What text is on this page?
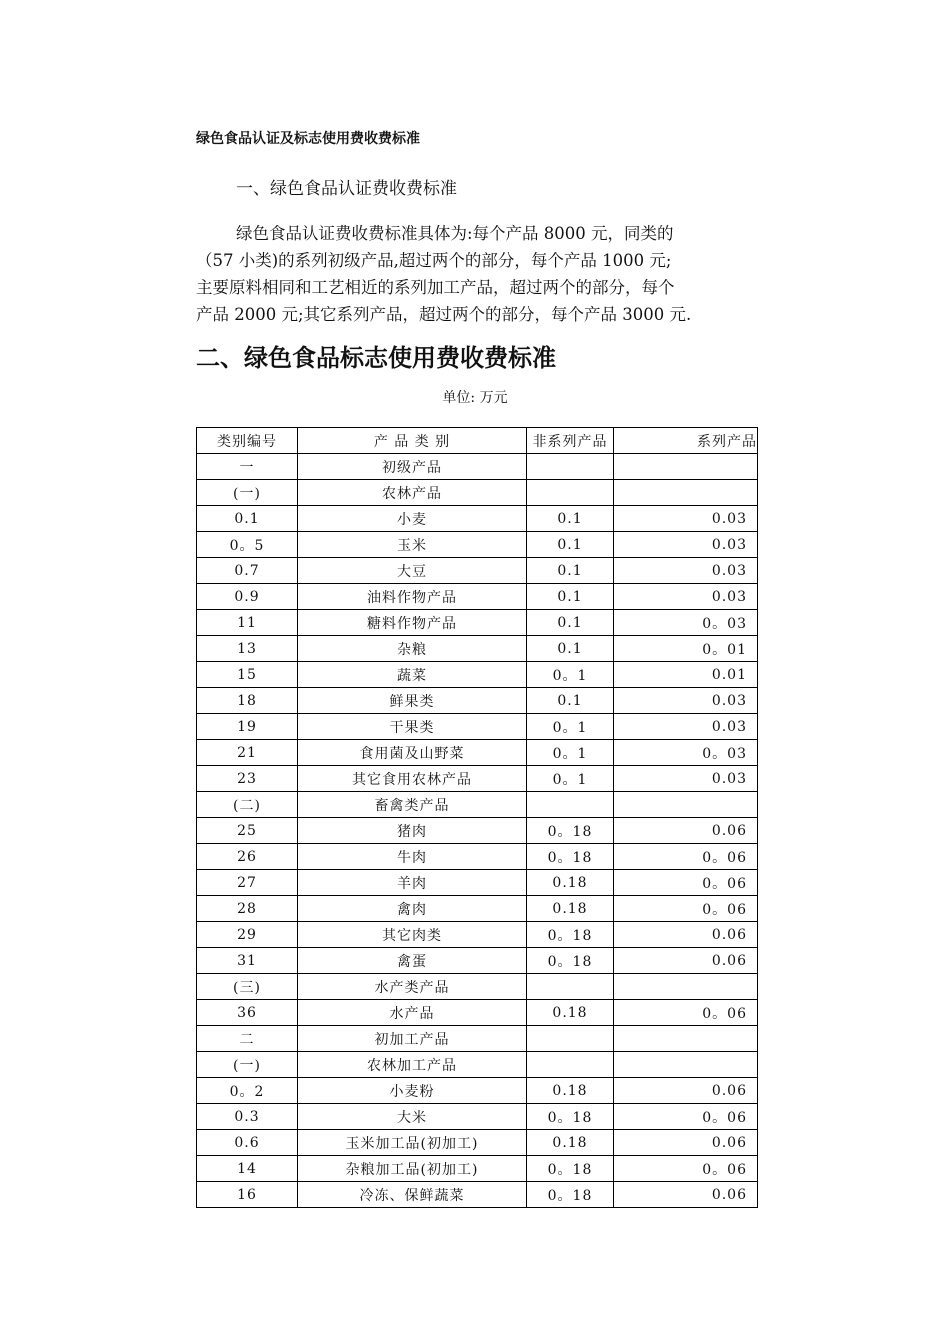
绿色食品认证及标志使用费收费标准
一、绿色食品认证费收费标准

绿色食品认证费收费标准具体为:每个产品 8000 元，同类的

（57 小类)的系列初级产品,超过两个的部分，每个产品 1000 元;

主要原料相同和工艺相近的系列加工产品，超过两个的部分，每个

产品 2000 元;其它系列产品，超过两个的部分，每个产品 3000 元.

二、绿色食品标志使用费收费标准
单位: 万元
类别编号	产 品 类 别	非系列产品	系列产品
一	初级产品		
(一)	农林产品		
0.1	小麦	0.1	0.03
0。5	玉米	0.1	0.03
0.7	大豆	0.1	0.03
0.9	油料作物产品	0.1	0.03
11	糖料作物产品	0.1	0。03
13	杂粮	0.1	0。01
15	蔬菜	0。1	0.01
18	鲜果类	0.1	0.03
19	干果类	0。1	0.03
21	食用菌及山野菜	0。1	0。03
23	其它食用农林产品	0。1	0.03
(二)	畜禽类产品		
25	猪肉	0。18	0.06
26	牛肉	0。18	0。06
27	羊肉	0.18	0。06
28	禽肉	0.18	0。06
29	其它肉类	0。18	0.06
31	禽蛋	0。18	0.06
(三)	水产类产品		
36	水产品	0.18	0。06
二	初加工产品		
(一)	农林加工产品		
0。2	小麦粉	0.18	0.06
0.3	大米	0。18	0。06
0.6	玉米加工品(初加工)	0.18	0.06
14	杂粮加工品(初加工)	0。18	0。06
16	冷冻、保鲜蔬菜	0。18	0.06
